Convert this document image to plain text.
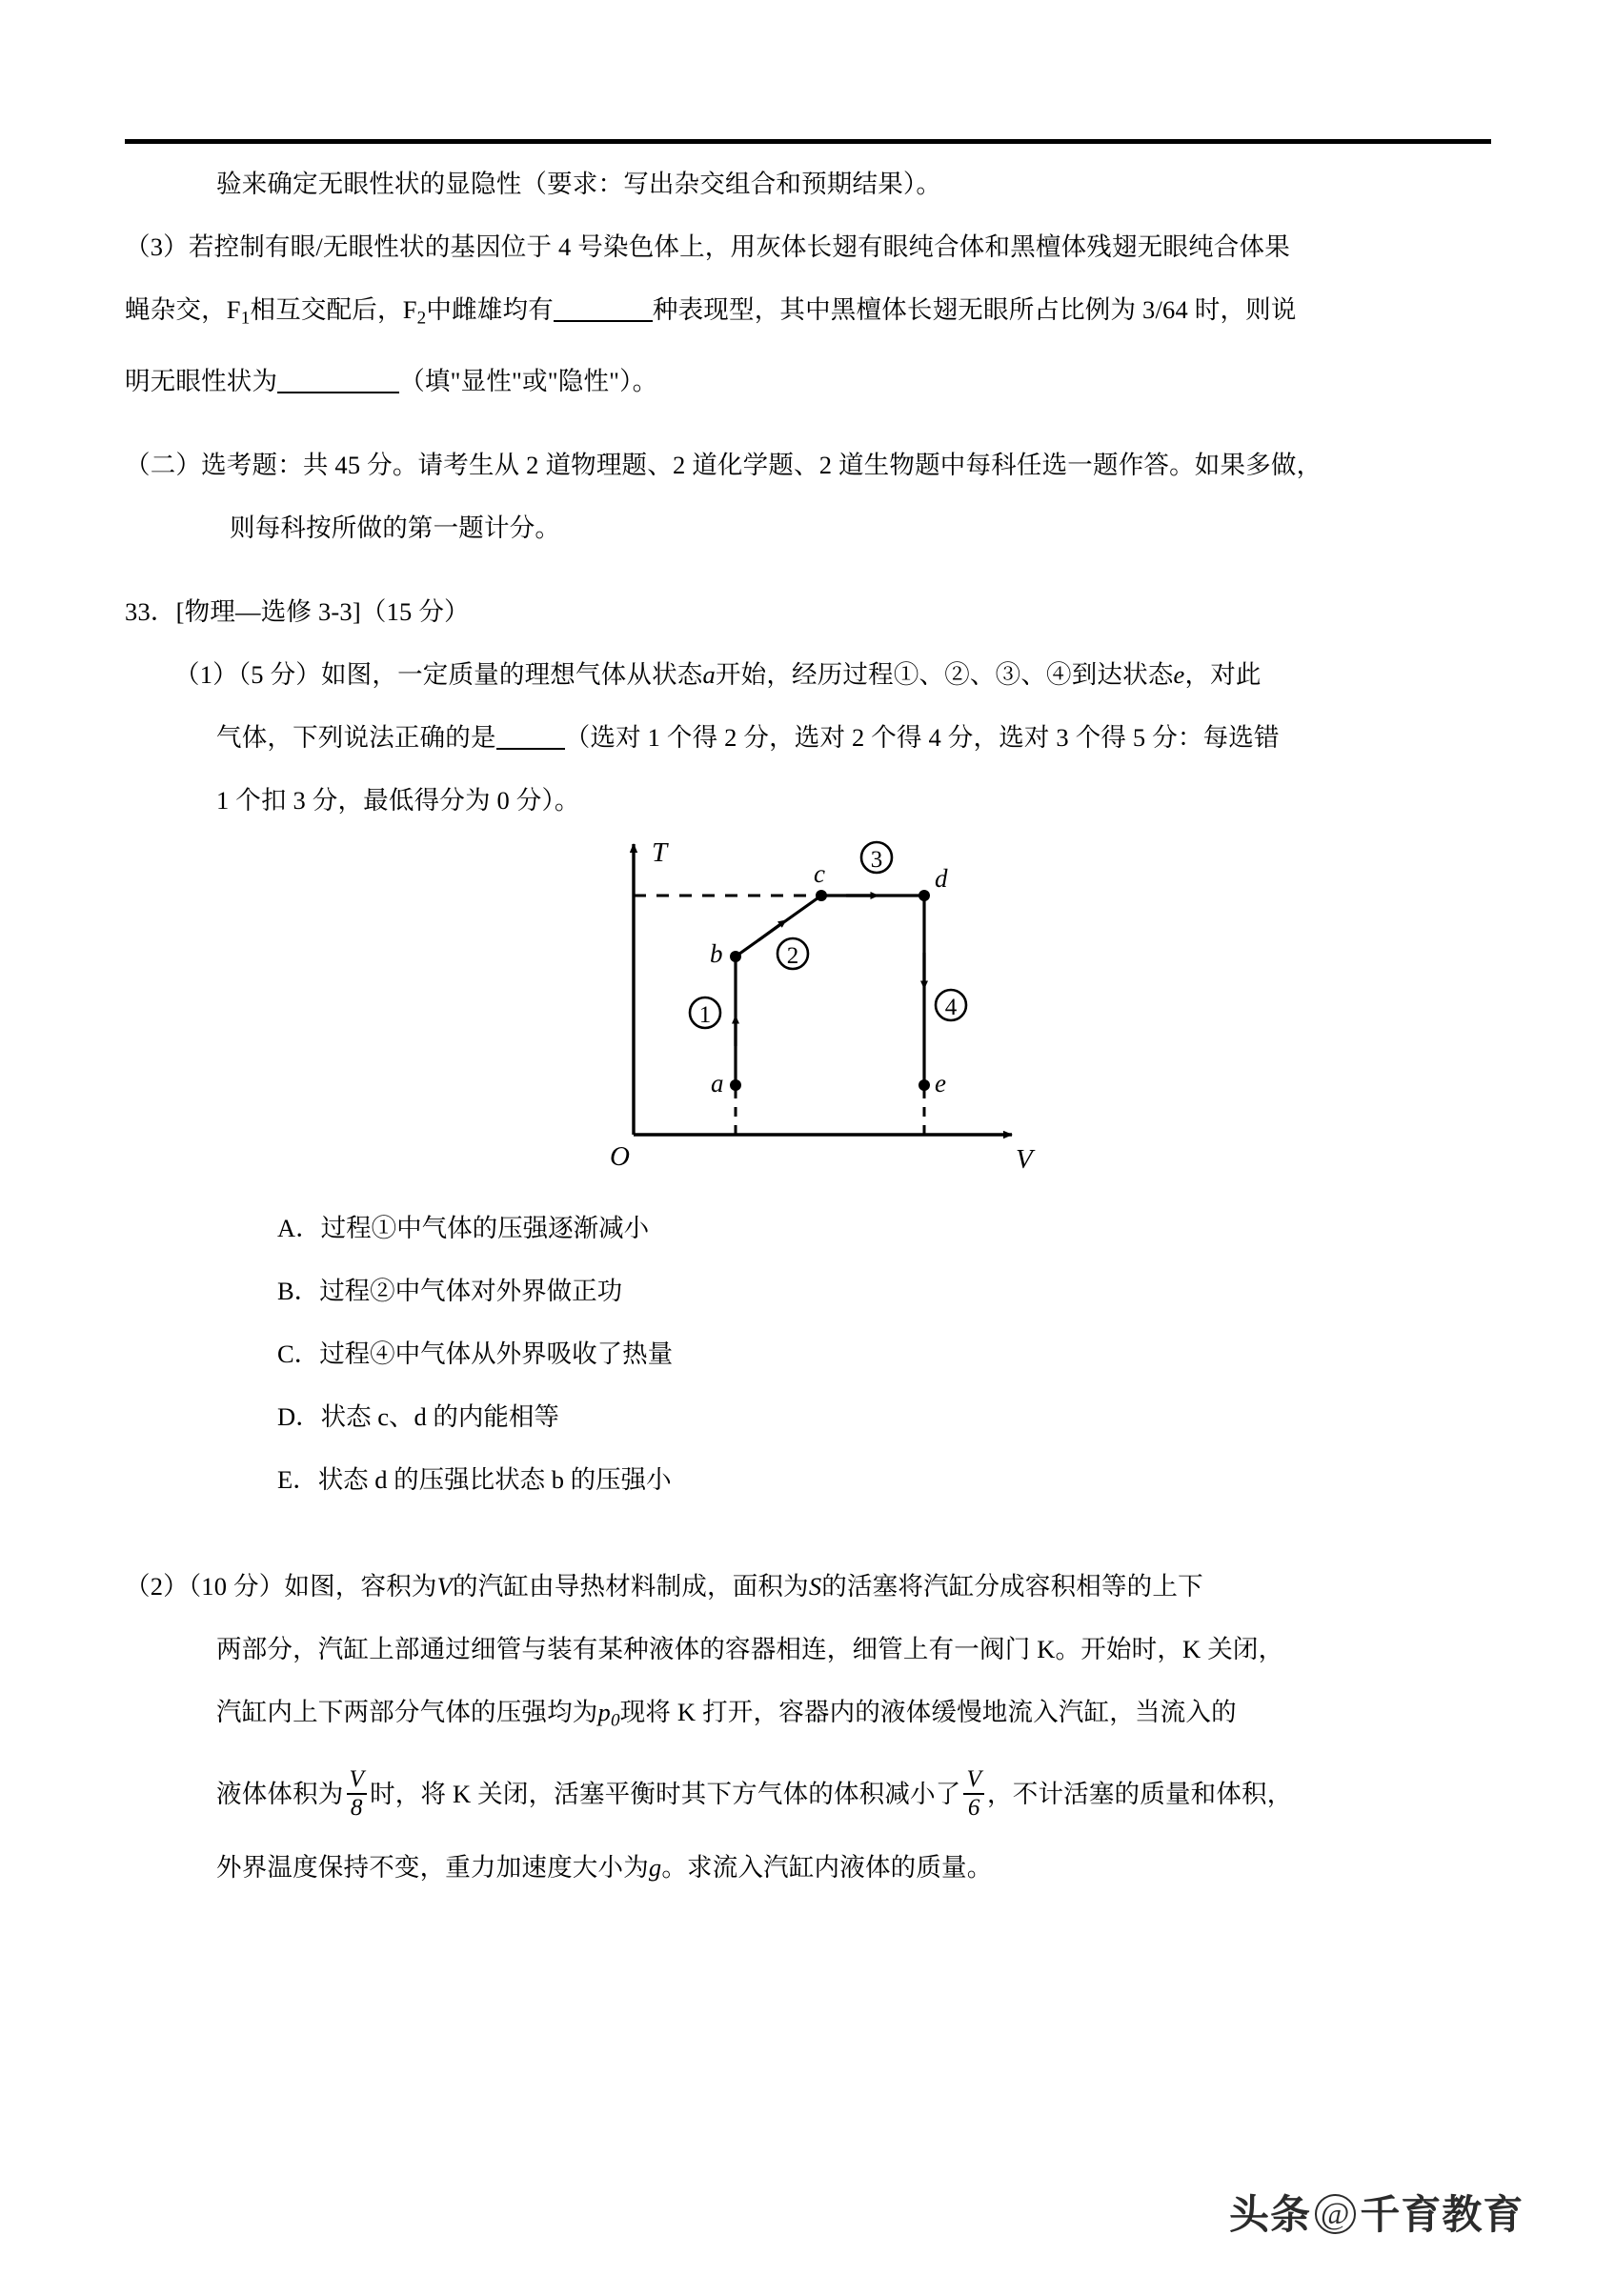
验来确定无眼性状的显隐性（要求：写出杂交组合和预期结果）。
（3）若控制有眼/无眼性状的基因位于 4 号染色体上，用灰体长翅有眼纯合体和黑檀体残翅无眼纯合体果
蝇杂交，$F_1$相互交配后，$F_2$中雌雄均有	种表现型，其中黑檀体长翅无眼所占比例为 3/64 时，则说
明无眼性状为	（填"显性"或"隐性"）。
（二）选考题：共 45 分。请考生从 2 道物理题、2 道化学题、2 道生物题中每科任选一题作答。如果多做，
则每科按所做的第一题计分。
33．[物理—选修 3-3]（15 分）
（1）（5 分）如图，一定质量的理想气体从状态a开始，经历过程①、②、③、④到达状态e，对此
气体，下列说法正确的是	（选对 1 个得 2 分，选对 2 个得 4 分，选对 3 个得 5 分：每选错
1 个扣 3 分，最低得分为 0 分）。
T
V
O
a
b
c	d
e
1
2
3
4
A．过程①中气体的压强逐渐减小
B．过程②中气体对外界做正功
C．过程④中气体从外界吸收了热量
D．状态 c、d 的内能相等
E．状态 d 的压强比状态 b 的压强小
（2）（10 分）如图，容积为V的汽缸由导热材料制成，面积为S的活塞将汽缸分成容积相等的上下
两部分，汽缸上部通过细管与装有某种液体的容器相连，细管上有一阀门 K。开始时，K 关闭，
汽缸内上下两部分气体的压强均为$p_0$现将 K 打开，容器内的液体缓慢地流入汽缸，当流入的
液体体积为 $\frac{V}{8}$ 时，将 K 关闭，活塞平衡时其下方气体的体积减小了 $\frac{V}{6}$ ，不计活塞的质量和体积，
外界温度保持不变，重力加速度大小为g。求流入汽缸内液体的质量。
头条 @ 千育教育
